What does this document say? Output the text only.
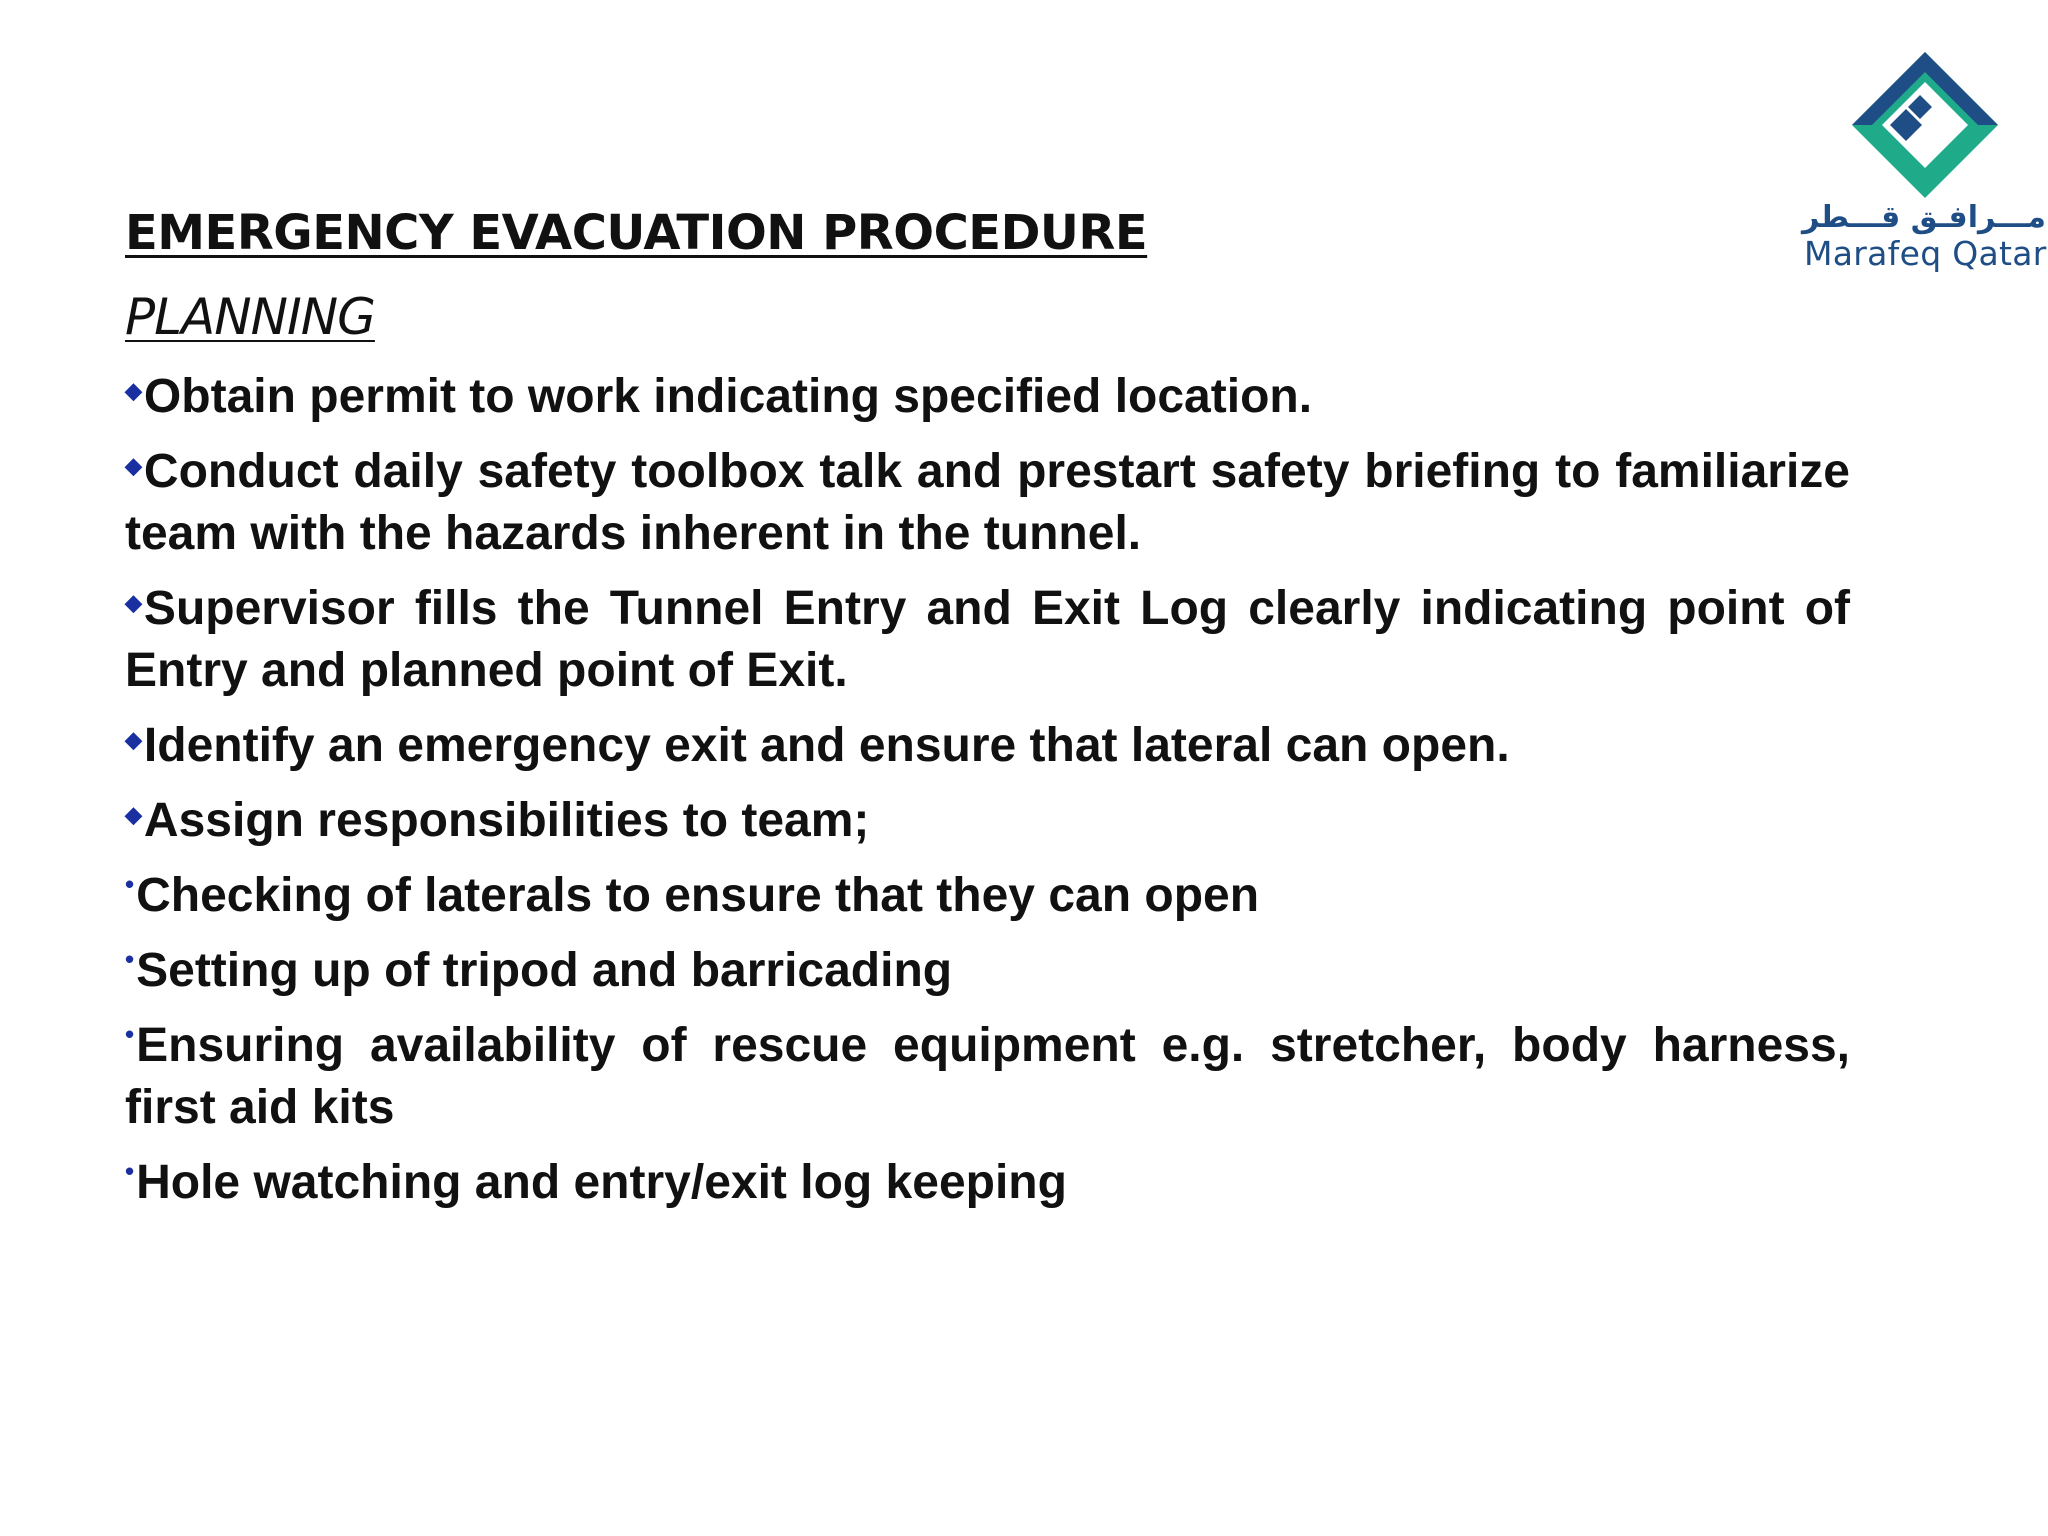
مـــرافـق قـــطر
Marafeq Qatar
EMERGENCY EVACUATION PROCEDURE
PLANNING
◆Obtain permit to work indicating specified location.
◆Conduct daily safety toolbox talk and prestart safety briefing to familiarize team with the hazards inherent in the tunnel.
◆Supervisor fills the Tunnel Entry and Exit Log clearly indicating point of Entry and planned point of Exit.
◆Identify an emergency exit and ensure that lateral can open.
◆Assign responsibilities to team;
•Checking of laterals to ensure that they can open
•Setting up of tripod and barricading
•Ensuring availability of rescue equipment e.g. stretcher, body harness, first aid kits
•Hole watching and entry/exit log keeping
